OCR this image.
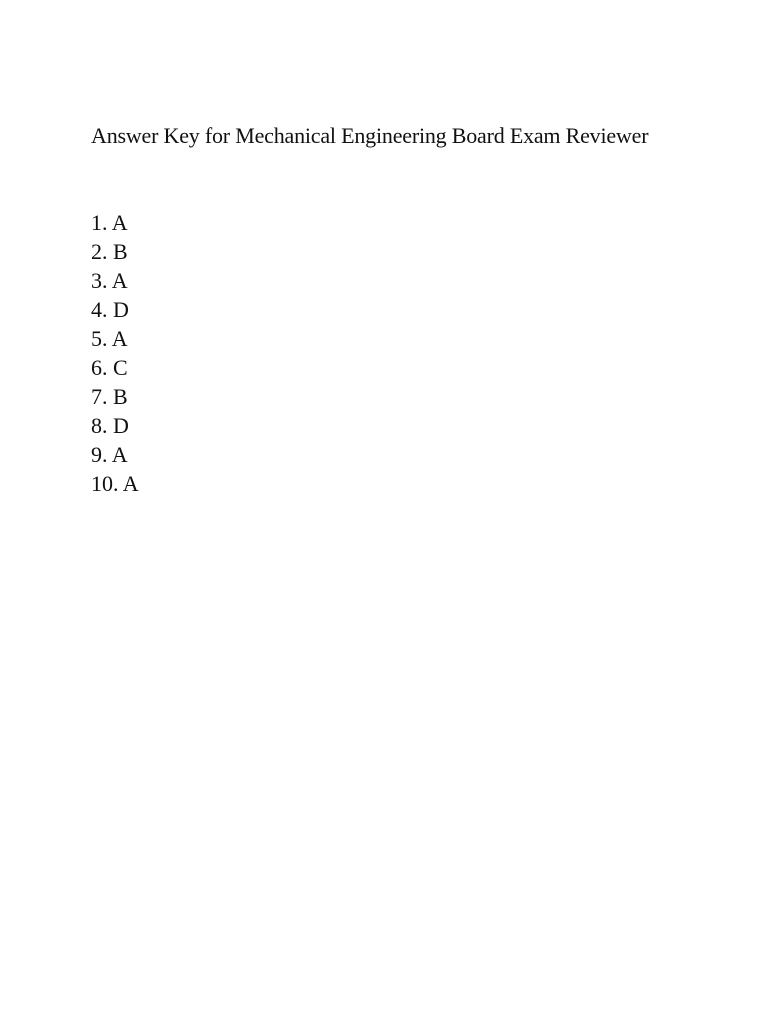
Answer Key for Mechanical Engineering Board Exam Reviewer
1. A
2. B
3. A
4. D
5. A
6. C
7. B
8. D
9. A
10. A
